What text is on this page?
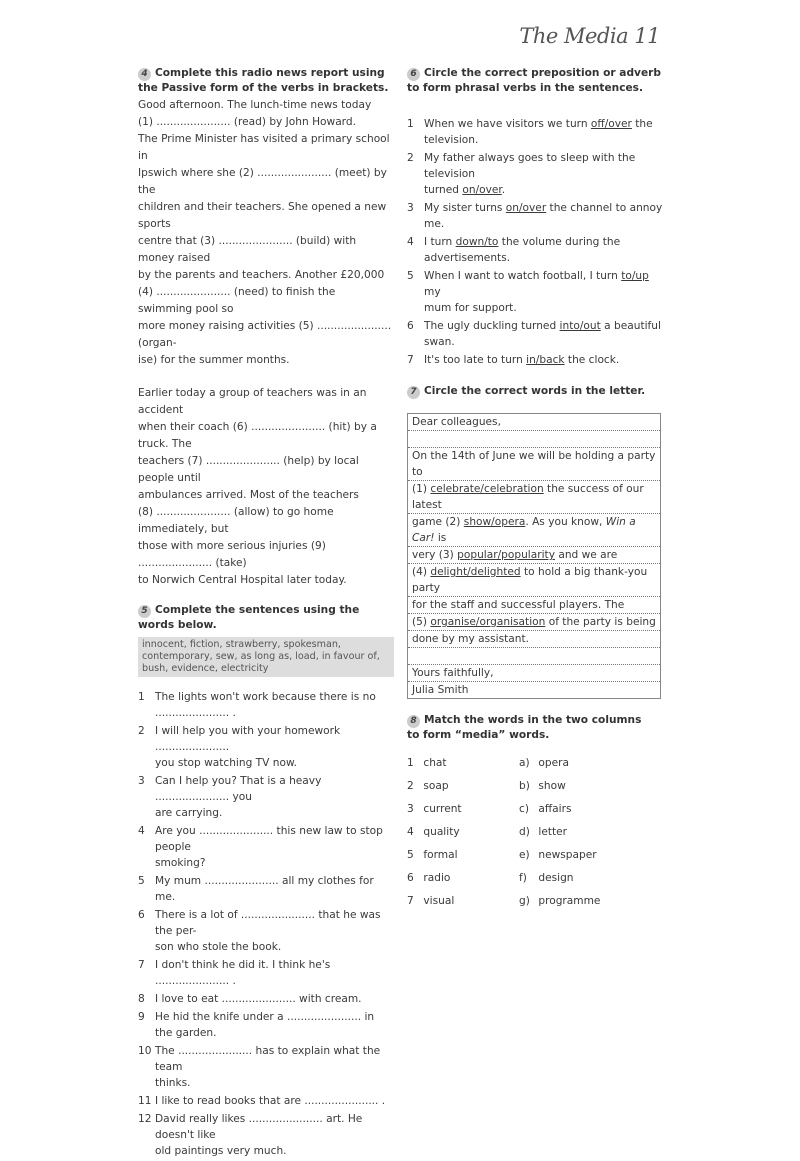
The Media 11
4 Complete this radio news report using the Passive form of the verbs in brackets.

Good afternoon. The lunch-time news today
(1) ...................... (read) by John Howard.
The Prime Minister has visited a primary school in
Ipswich where she (2) ...................... (meet) by the
children and their teachers. She opened a new sports
centre that (3) ...................... (build) with money raised
by the parents and teachers. Another £20,000
(4) ...................... (need) to finish the swimming pool so
more money raising activities (5) ...................... (organ-
ise) for the summer months.

Earlier today a group of teachers was in an accident
when their coach (6) ...................... (hit) by a truck. The
teachers (7) ...................... (help) by local people until
ambulances arrived. Most of the teachers
(8) ...................... (allow) to go home immediately, but
those with more serious injuries (9) ...................... (take)
to Norwich Central Hospital later today.

5 Complete the sentences using the words below.
innocent, fiction, strawberry, spokesman, contemporary, sew, as long as, load, in favour of, bush, evidence, electricity
1 The lights won't work because there is no
...................... .
2 I will help you with your homework ......................
you stop watching TV now.
3 Can I help you? That is a heavy ...................... you
are carrying.
4 Are you ...................... this new law to stop people
smoking?
5 My mum ...................... all my clothes for me.
6 There is a lot of ...................... that he was the per-
son who stole the book.
7 I don't think he did it. I think he's ...................... .
8 I love to eat ...................... with cream.
9 He hid the knife under a ...................... in the garden.
10 The ...................... has to explain what the team
thinks.
11 I like to read books that are ...................... .
12 David really likes ...................... art. He doesn't like
old paintings very much.
6 Circle the correct preposition or adverb to form phrasal verbs in the sentences.
1 When we have visitors we turn off/over the
television.
2 My father always goes to sleep with the television
turned on/over.
3 My sister turns on/over the channel to annoy me.
4 I turn down/to the volume during the
advertisements.
5 When I want to watch football, I turn to/up my
mum for support.
6 The ugly duckling turned into/out a beautiful
swan.
7 It's too late to turn in/back the clock.
7 Circle the correct words in the letter.
Dear colleagues,
On the 14th of June we will be holding a party to
(1) celebrate/celebration the success of our latest
game (2) show/opera. As you know, Win a Car! is
very (3) popular/popularity and we are
(4) delight/delighted to hold a big thank-you party
for the staff and successful players. The
(5) organise/organisation of the party is being
done by my assistant.
Yours faithfully,
Julia Smith
8 Match the words in the two columns to form “media” words.
1 chat	a) opera
2 soap	b) show
3 current	c) affairs
4 quality	d) letter
5 formal	e) newspaper
6 radio	f) design
7 visual	g) programme
